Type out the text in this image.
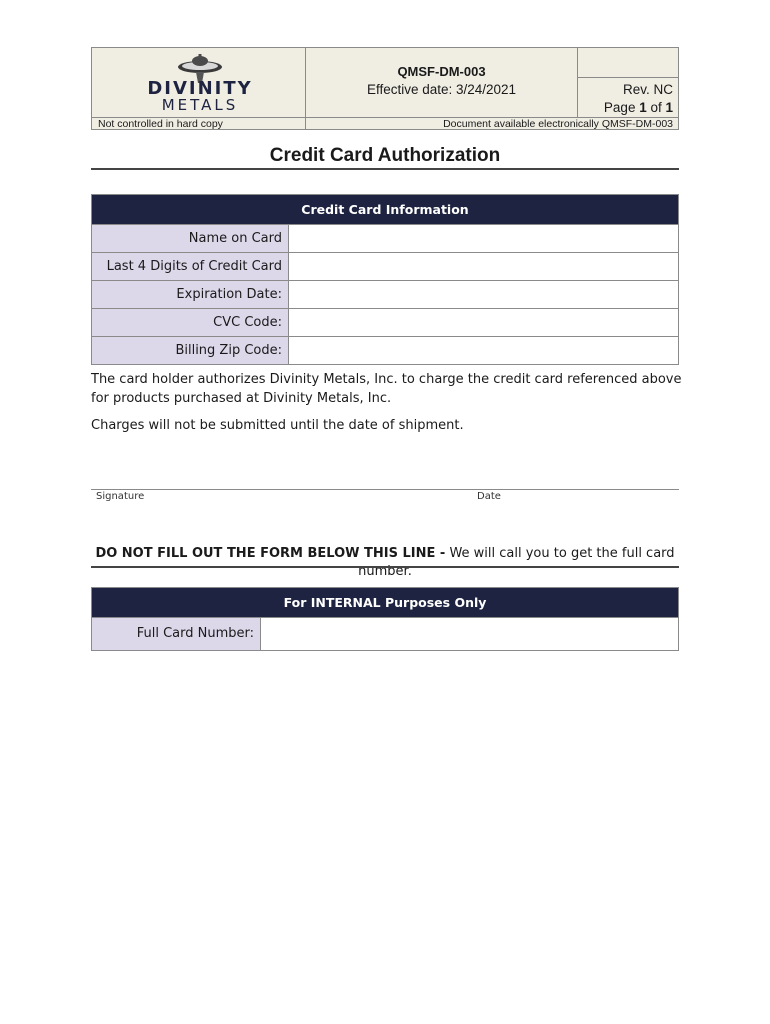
DIVINITY
METALS
QMSF-DM-003
Effective date: 3/24/2021	Rev. NC
Page 1 of 1
Not controlled in hard copy	Document available electronically QMSF-DM-003
Credit Card Authorization
Credit Card Information
Name on Card
Last 4 Digits of Credit Card
Expiration Date:
CVC Code:
Billing Zip Code:
The card holder authorizes Divinity Metals, Inc. to charge the credit card referenced above for products purchased at Divinity Metals, Inc.
Charges will not be submitted until the date of shipment.
Signature	Date
DO NOT FILL OUT THE FORM BELOW THIS LINE - We will call you to get the full card number.
For INTERNAL Purposes Only
Full Card Number:
